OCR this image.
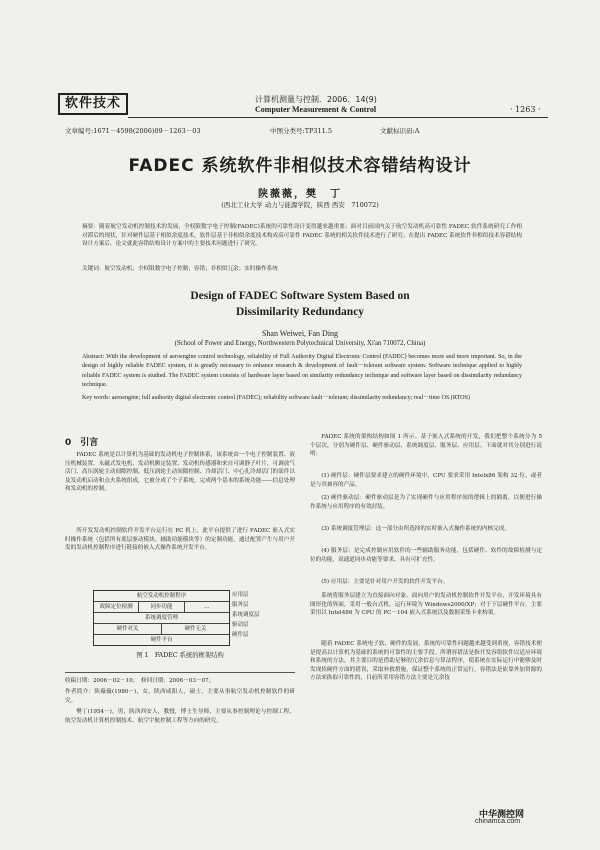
软件技术	计算机测量与控制．2006．14(9)
Computer Measurement & Control	· 1263 ·
文章编号:1671－4598(2006)09－1263－03	中图分类号:TP311.5	文献标识码:A
FADEC 系统软件非相似技术容错结构设计
陕薇薇，樊　丁
(西北工业大学 动力与能源学院，陕西 西安　710072)
摘要：随着航空发动机控制技术的发展，全权限数字电子控制(FADEC)系统的可靠性设计变得越来越重要；面对目前国内关于航空发动机高可靠性 FADEC 软件系统研究工作相对滞后的现状，针对硬件层基于相似余度技术，软件层基于非相似余度技术构成高可靠性 FADEC 系统的相关软件技术进行了研究；在提出 FADEC 系统软件非相似技术容错结构设计方案后，论文就此容错结构设计方案中的主要技术问题进行了研究。
关键词：航空发动机；全权限数字电子控制；容错；非相似冗余；实时操作系统
Design of FADEC Software System Based on
Dissimilarity Redundancy
Shan Weiwei, Fan Ding
(School of Power and Energy, Northwestern Polytechnical University, Xi'an 710072, China)
Abstract: With the development of aeroengine control technology, reliability of Full Authority Digital Electronic Control (FADEC) becomes more and more important. So, in the design of highly reliable FADEC system, it is greatly necessary to enhance research & development of fault－tolerant software system. Software technique applied to highly reliable FADEC system is studied. The FADEC system consists of hardware layer based on similarity redundancy technique and software layer based on dissimilarity redundancy technique.
Key words: aeroengine; full authority digital electronic control (FADEC); reliability software fault－tolerant; dissimilarity redundancy; real－time OS (RTOS)
0　引言
FADEC 系统是以计算机为基础的发动机电子控制体系，该系统由一个电子控制装置、液压机械装置、永磁式发电机、发动机额定装置、发动机传感器和来自可调静子叶片，可调放气活门、高压涡轮主动间隙控制、低压涡轮主动间隙控制、冷却活门、中心孔冷却活门的部件以及发动机启动和点火系统组成，它被分成了个子系统，完成两个基本的系统功能——信息处理和发动机的控制。
所开发发动机控制软件开发平台运行在 PC 机上，此平台提供了进行 FADEC 嵌入式实时操作系统（包括所有底层驱动模块、辅助功能模块等）的定制功能，通过配置产生与用户开发的发动机控制程序进行链接的嵌入式操作系统开发平台。
航空发动机控制程序
故障定位检测	同步功能	…
系统调度管理
硬件对关	硬件无关
硬件平台
应用层
服务层
系统调度层
驱动层
硬件层
图 1　FADEC 系统的框架结构
收稿日期：2006－02－10；　修回日期：2006－03－07。
作者简介：陕薇薇(1980－)，女，陕西咸阳人，硕士，主要从事航空发动机控制软件的研究。
樊丁(1954－)，男，陕西西安人，教授，博士生导师，主要从事控制理论与控制工程、航空发动机计算机控制技术、航空宇航控制工程等方向的研究。
FADEC 系统的架构结构如图 1 所示。基于嵌入式系统的开发，我们把整个系统分为 5 个层次，分别为硬件层、硬件驱动层、系统调度层、服务层、应用层。下面就对其分别进行说明：
(1) 硬件层：硬件层要求建立的硬件环境中，CPU 要求采用 Intelx86 架构 32 位，或者是与其兼容的产品。
(2) 硬件驱动层：硬件驱动层是为了实现硬件与应用程序间的逻辑上的隔离，以便进行操作系统与应用程序的有效封装。
(3) 系统调度管理层：这一部分由所选择的实时嵌入式操作系统的内核完成。
(4) 服务层：是完成控制应用软件的一些辅助服务功能，包括硬件、软件的故障检测与定位的功能，双通道同步功能等要求，具有可扩充性。
(5) 应用层：主要是针对用户开发的软件开发平台。
系统将服务层建立为直接面向对象、面向用户的发动机控制软件开发平台，开发环境具有图形化的界面，采用一般台式机，运行环境为 Windows2000/XP；对于下层硬件平台，主要采用以 Intel486 为 CPU 的 PC－104 嵌入式系统以及数据采集卡来构架。
随着 FADEC 系统电子软、硬件的发展，系统的可靠性问题越来越受到重视，容错技术便是提高以计算机为基础的系统的可靠性的主要手段。所谓容错法是指开发容错软件以适应环境和系统的方法，其主要目的是借助足够的冗余信息与算法程序，使系统在实际运行中能够及时发现软硬件方面的错误，采取补救措施，保证整个系统的正常运行。容错法是依靠外加资源的方法来换取可靠性的，目前所采用容错方法主要是冗余技
中华测控网
chinamca.com
